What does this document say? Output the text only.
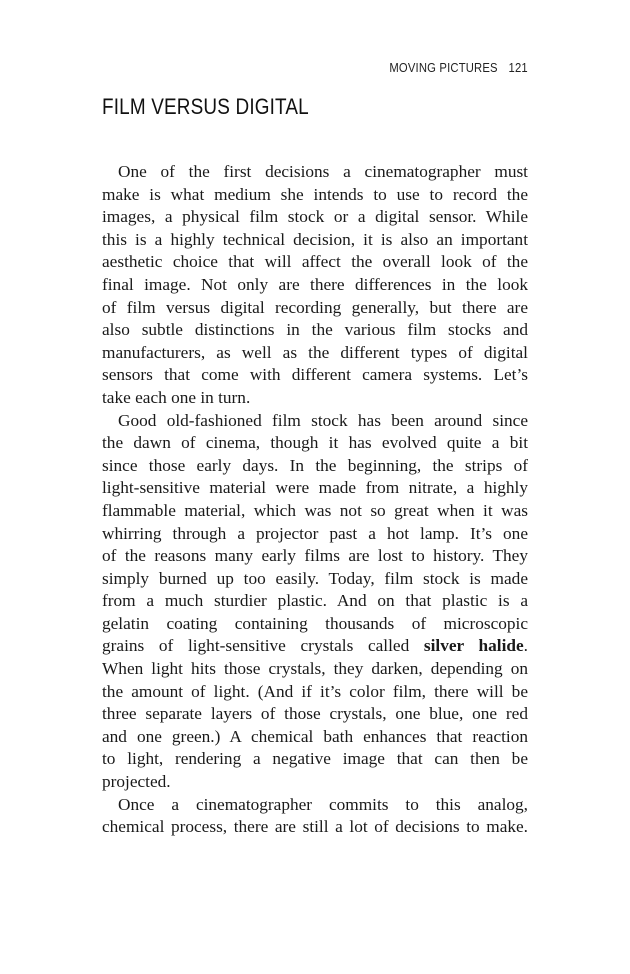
MOVING PICTURES 121
FILM VERSUS DIGITAL
One of the first decisions a cinematographer must
make is what medium she intends to use to record the
images, a physical film stock or a digital sensor. While
this is a highly technical decision, it is also an important
aesthetic choice that will affect the overall look of the
final image. Not only are there differences in the look
of film versus digital recording generally, but there are
also subtle distinctions in the various film stocks and
manufacturers, as well as the different types of digital
sensors that come with different camera systems. Let’s
take each one in turn.
Good old-fashioned film stock has been around since
the dawn of cinema, though it has evolved quite a bit
since those early days. In the beginning, the strips of
light-sensitive material were made from nitrate, a highly
flammable material, which was not so great when it was
whirring through a projector past a hot lamp. It’s one
of the reasons many early films are lost to history. They
simply burned up too easily. Today, film stock is made
from a much sturdier plastic. And on that plastic is a
gelatin coating containing thousands of microscopic
grains of light-sensitive crystals called silver halide.
When light hits those crystals, they darken, depending on
the amount of light. (And if it’s color film, there will be
three separate layers of those crystals, one blue, one red
and one green.) A chemical bath enhances that reaction
to light, rendering a negative image that can then be
projected.
Once a cinematographer commits to this analog,
chemical process, there are still a lot of decisions to make.
